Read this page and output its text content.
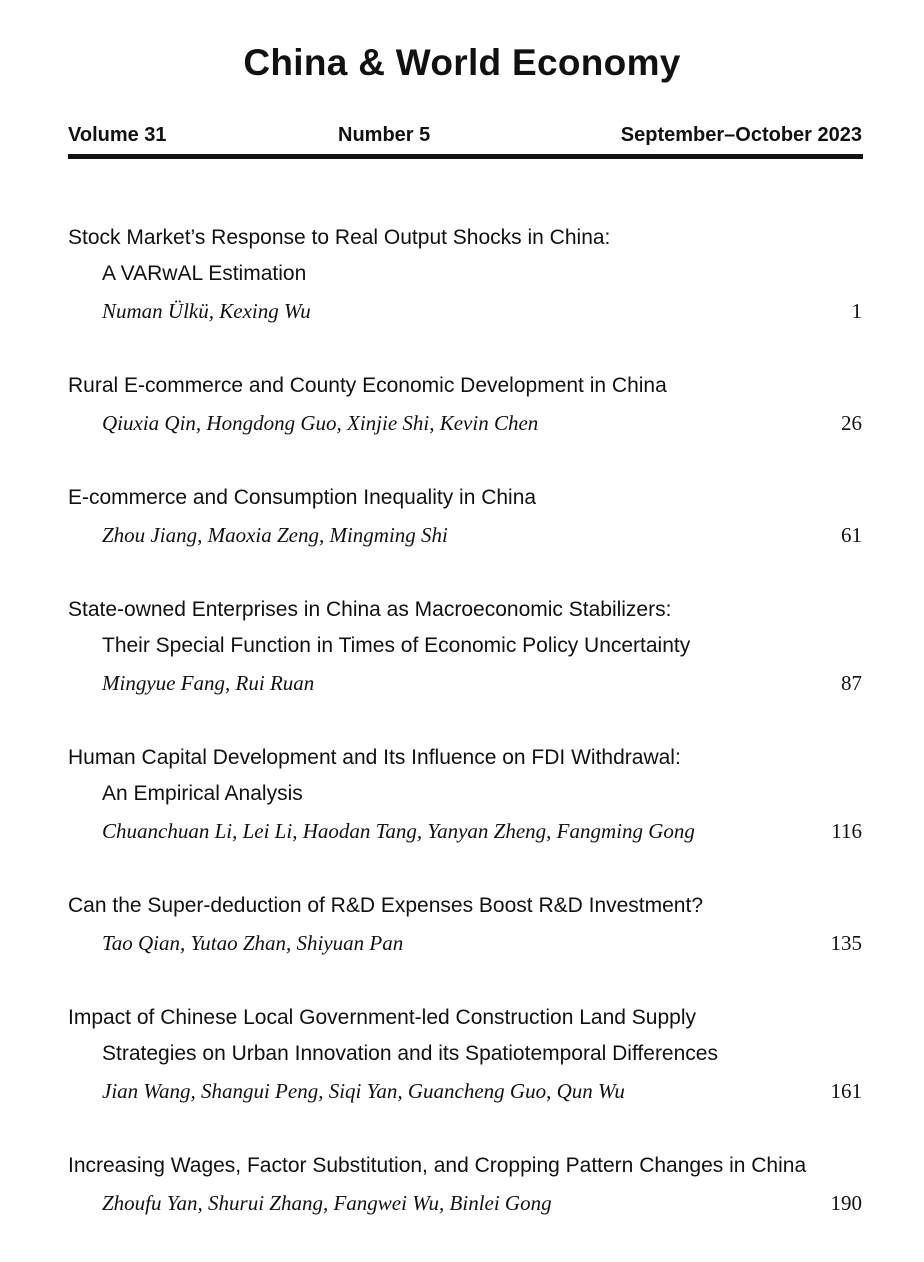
China & World Economy
Volume 31	Number 5	September–October 2023
Stock Market’s Response to Real Output Shocks in China:
A VARwAL Estimation
Numan Ülkü, Kexing Wu	1
Rural E-commerce and County Economic Development in China
Qiuxia Qin, Hongdong Guo, Xinjie Shi, Kevin Chen	26
E-commerce and Consumption Inequality in China
Zhou Jiang, Maoxia Zeng, Mingming Shi	61
State-owned Enterprises in China as Macroeconomic Stabilizers:
Their Special Function in Times of Economic Policy Uncertainty
Mingyue Fang, Rui Ruan	87
Human Capital Development and Its Influence on FDI Withdrawal:
An Empirical Analysis
Chuanchuan Li, Lei Li, Haodan Tang, Yanyan Zheng, Fangming Gong	116
Can the Super-deduction of R&D Expenses Boost R&D Investment?
Tao Qian, Yutao Zhan, Shiyuan Pan	135
Impact of Chinese Local Government-led Construction Land Supply
Strategies on Urban Innovation and its Spatiotemporal Differences
Jian Wang, Shangui Peng, Siqi Yan, Guancheng Guo, Qun Wu	161
Increasing Wages, Factor Substitution, and Cropping Pattern Changes in China
Zhoufu Yan, Shurui Zhang, Fangwei Wu, Binlei Gong	190
